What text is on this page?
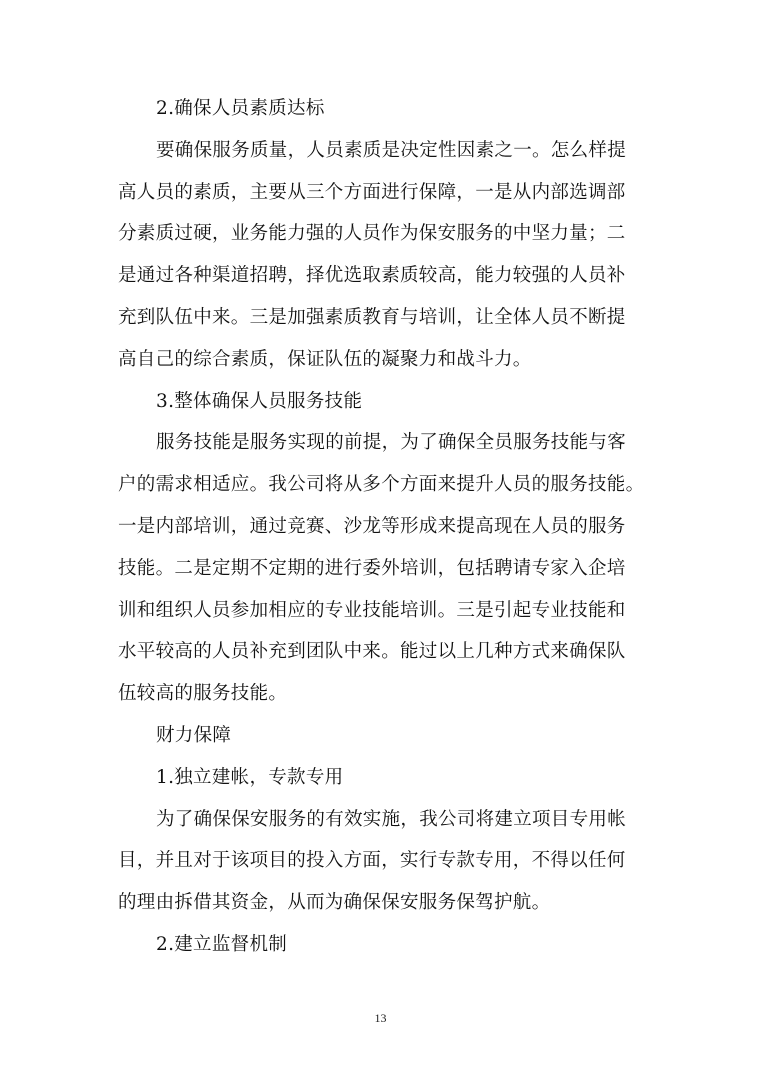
2.确保人员素质达标
要确保服务质量，人员素质是决定性因素之一。怎么样提
高人员的素质，主要从三个方面进行保障，一是从内部选调部
分素质过硬，业务能力强的人员作为保安服务的中坚力量；二
是通过各种渠道招聘，择优选取素质较高，能力较强的人员补
充到队伍中来。三是加强素质教育与培训，让全体人员不断提
高自己的综合素质，保证队伍的凝聚力和战斗力。
3.整体确保人员服务技能
服务技能是服务实现的前提，为了确保全员服务技能与客
户的需求相适应。我公司将从多个方面来提升人员的服务技能。
一是内部培训，通过竞赛、沙龙等形成来提高现在人员的服务
技能。二是定期不定期的进行委外培训，包括聘请专家入企培
训和组织人员参加相应的专业技能培训。三是引起专业技能和
水平较高的人员补充到团队中来。能过以上几种方式来确保队
伍较高的服务技能。
财力保障
1.独立建帐，专款专用
为了确保保安服务的有效实施，我公司将建立项目专用帐
目，并且对于该项目的投入方面，实行专款专用，不得以任何
的理由拆借其资金，从而为确保保安服务保驾护航。
2.建立监督机制
13
